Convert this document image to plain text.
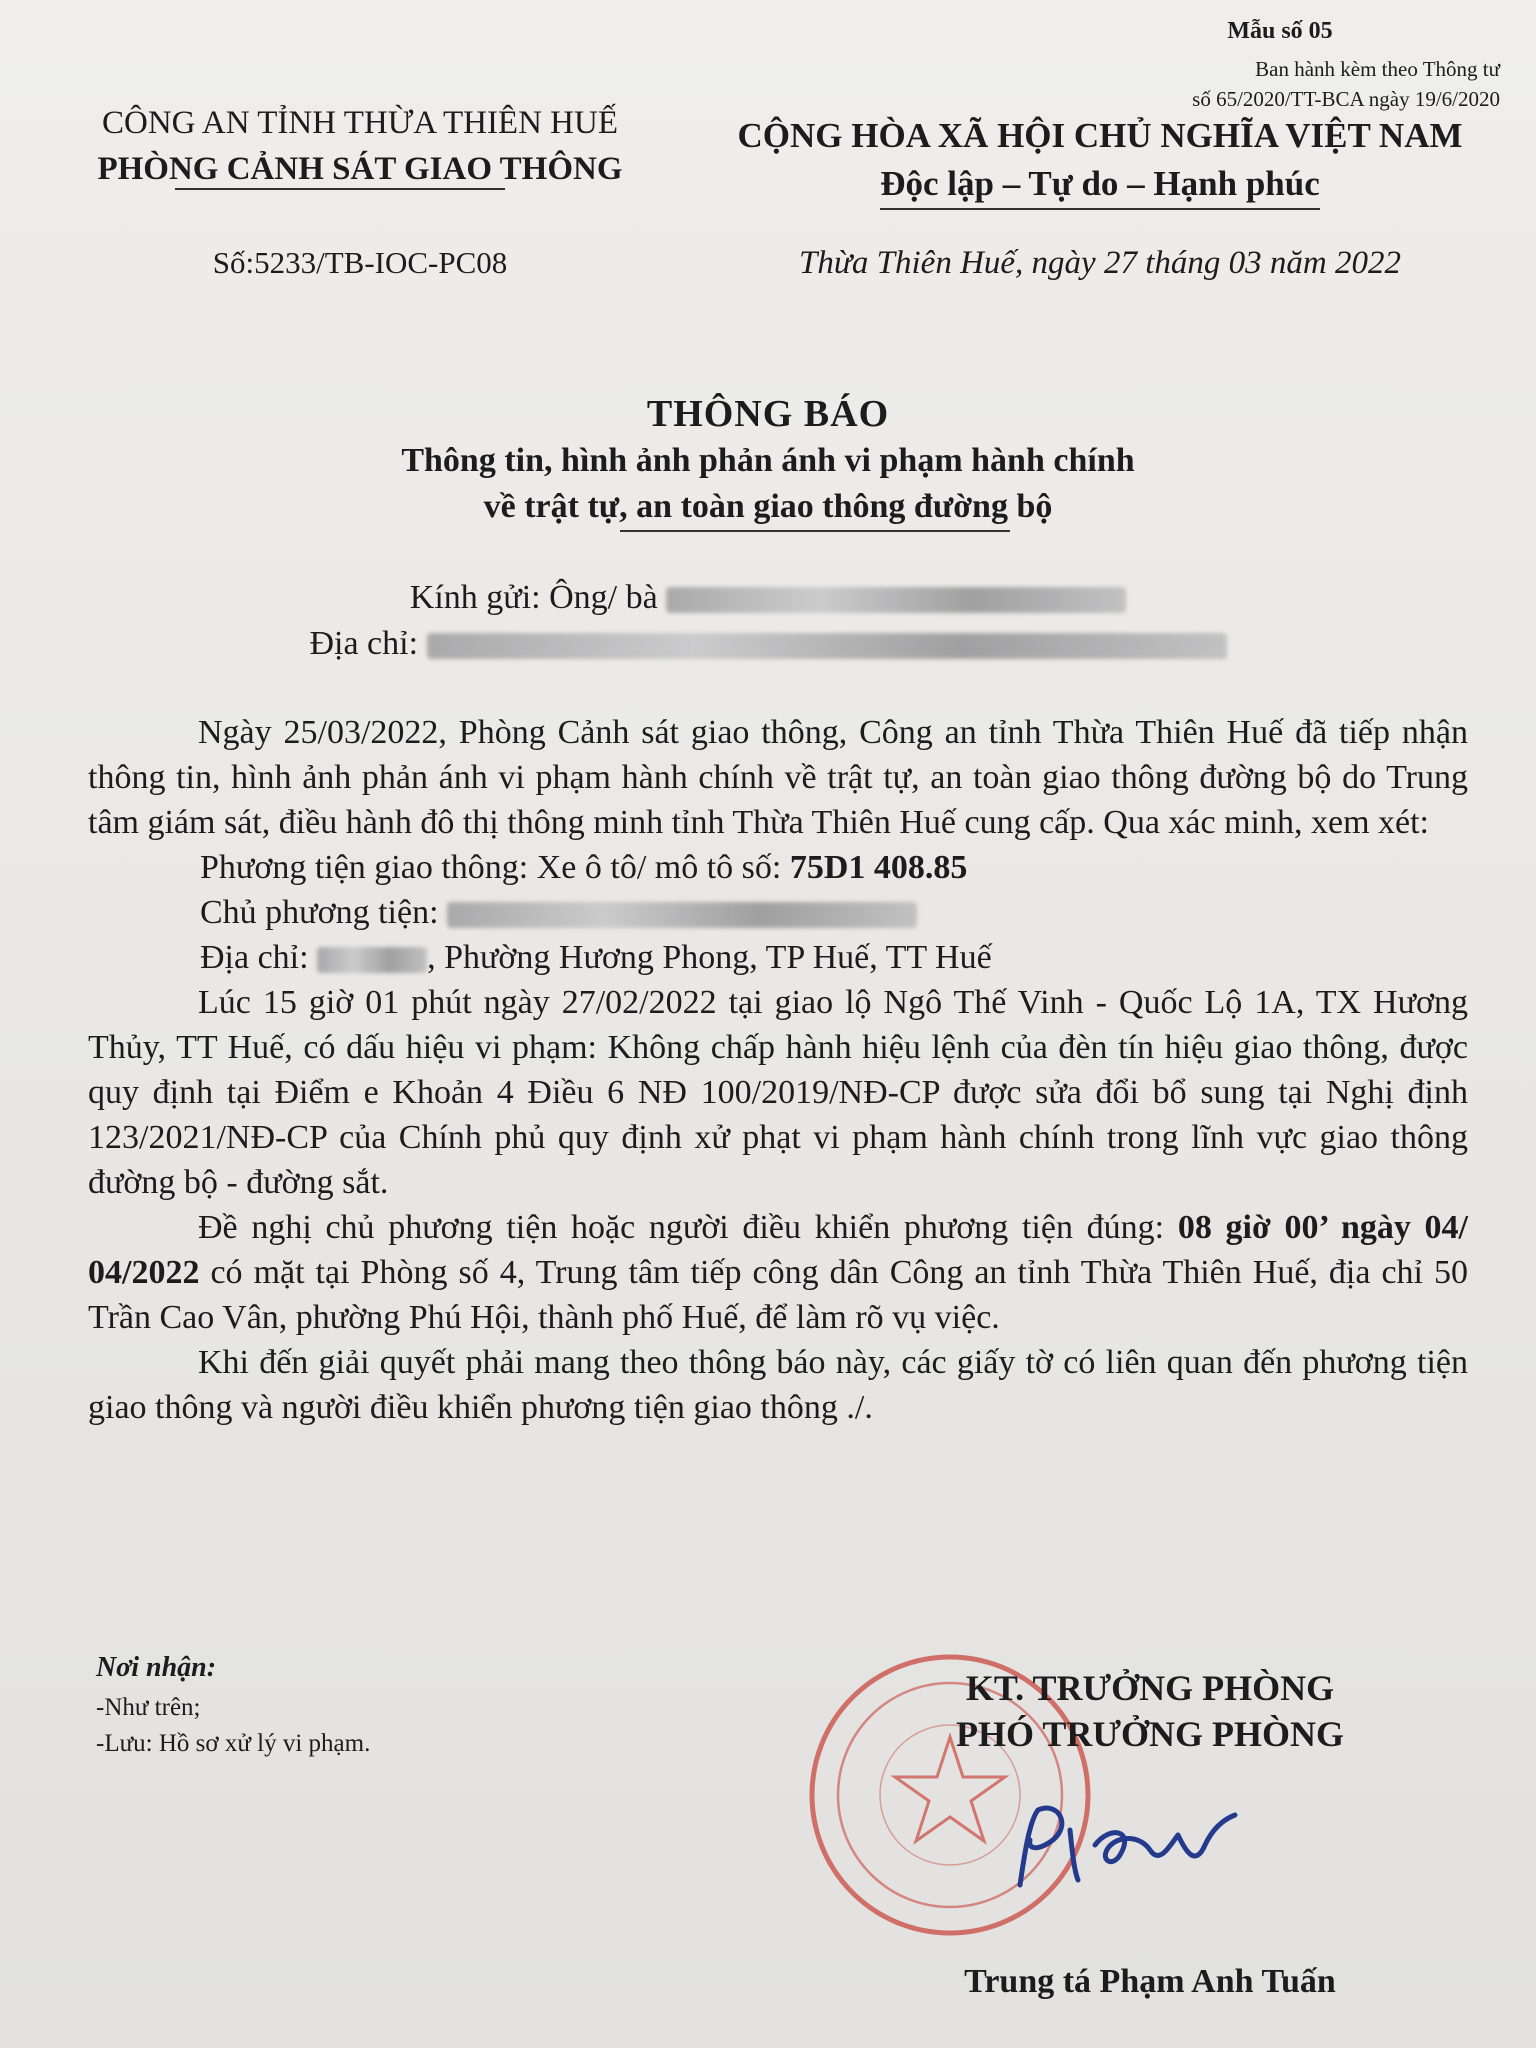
Mẫu số 05
Ban hành kèm theo Thông tư
số 65/2020/TT-BCA ngày 19/6/2020
CÔNG AN TỈNH THỪA THIÊN HUẾ
PHÒNG CẢNH SÁT GIAO THÔNG
Số:5233/TB-IOC-PC08
CỘNG HÒA XÃ HỘI CHỦ NGHĨA VIỆT NAM
Độc lập – Tự do – Hạnh phúc
Thừa Thiên Huế, ngày 27 tháng 03 năm 2022
THÔNG BÁO
Thông tin, hình ảnh phản ánh vi phạm hành chính
về trật tự, an toàn giao thông đường bộ
Kính gửi: Ông/ bà
Địa chỉ:

Ngày 25/03/2022, Phòng Cảnh sát giao thông, Công an tỉnh Thừa Thiên Huế đã tiếp nhận thông tin, hình ảnh phản ánh vi phạm hành chính về trật tự, an toàn giao thông đường bộ do Trung tâm giám sát, điều hành đô thị thông minh tỉnh Thừa Thiên Huế cung cấp. Qua xác minh, xem xét:

Phương tiện giao thông: Xe ô tô/ mô tô số: 75D1 408.85

Chủ phương tiện:

Địa chỉ:	, Phường Hương Phong, TP Huế, TT Huế

Lúc 15 giờ 01 phút ngày 27/02/2022 tại giao lộ Ngô Thế Vinh - Quốc Lộ 1A, TX Hương Thủy, TT Huế, có dấu hiệu vi phạm: Không chấp hành hiệu lệnh của đèn tín hiệu giao thông, được quy định tại Điểm e Khoản 4 Điều 6 NĐ 100/2019/NĐ-CP được sửa đổi bổ sung tại Nghị định 123/2021/NĐ-CP của Chính phủ quy định xử phạt vi phạm hành chính trong lĩnh vực giao thông đường bộ - đường sắt.

Đề nghị chủ phương tiện hoặc người điều khiển phương tiện đúng: 08 giờ 00’ ngày 04/ 04/2022 có mặt tại Phòng số 4, Trung tâm tiếp công dân Công an tỉnh Thừa Thiên Huế, địa chỉ 50 Trần Cao Vân, phường Phú Hội, thành phố Huế, để làm rõ vụ việc.

Khi đến giải quyết phải mang theo thông báo này, các giấy tờ có liên quan đến phương tiện giao thông và người điều khiển phương tiện giao thông ./.

Nơi nhận:
-Như trên;
-Lưu: Hồ sơ xử lý vi phạm.
KT. TRƯỞNG PHÒNG
PHÓ TRƯỞNG PHÒNG
Trung tá Phạm Anh Tuấn
